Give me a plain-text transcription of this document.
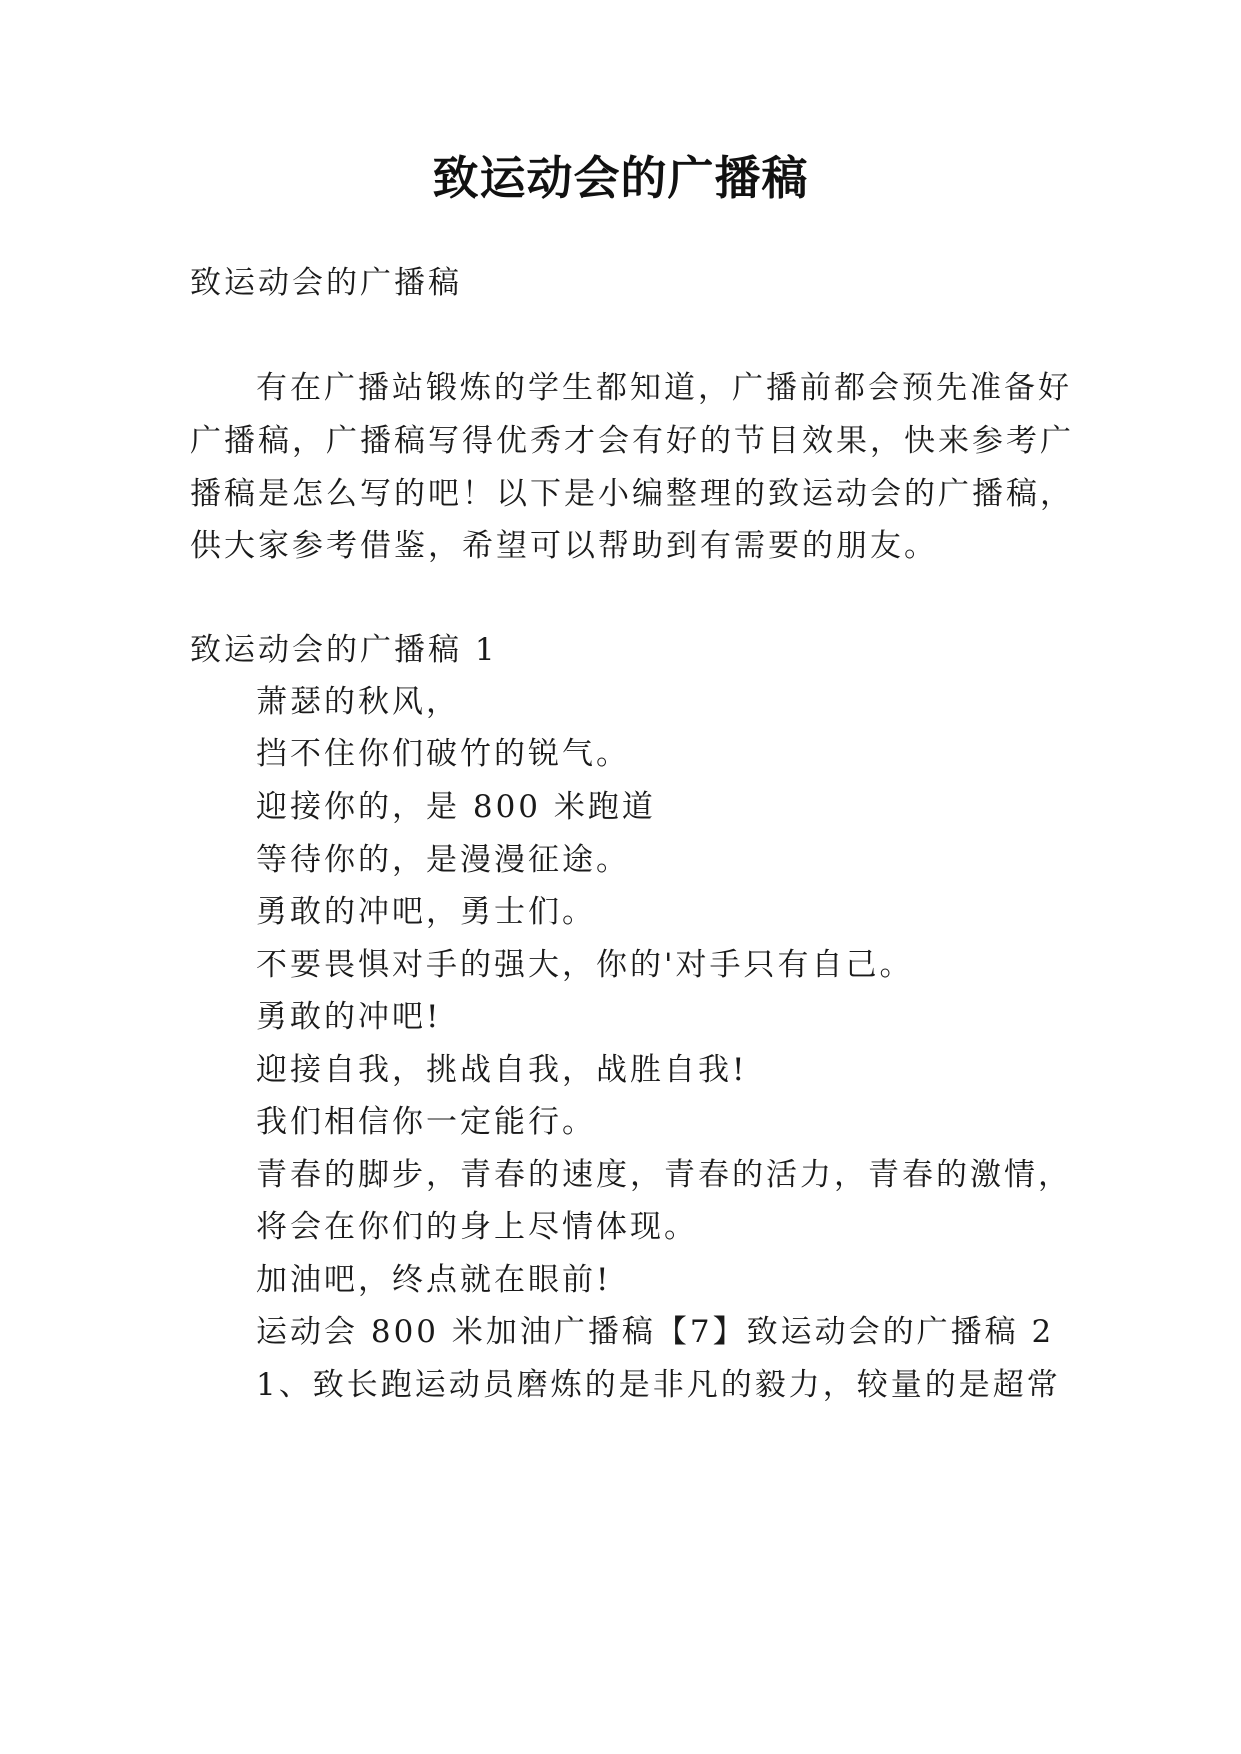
致运动会的广播稿
致运动会的广播稿
有在广播站锻炼的学生都知道，广播前都会预先准备好
广播稿，广播稿写得优秀才会有好的节目效果，快来参考广
播稿是怎么写的吧！以下是小编整理的致运动会的广播稿，
供大家参考借鉴，希望可以帮助到有需要的朋友。
致运动会的广播稿 1
萧瑟的秋风，
挡不住你们破竹的锐气。
迎接你的，是 800 米跑道
等待你的，是漫漫征途。
勇敢的冲吧，勇士们。
不要畏惧对手的强大，你的'对手只有自己。
勇敢的冲吧!
迎接自我，挑战自我，战胜自我!
我们相信你一定能行。
青春的脚步，青春的速度，青春的活力，青春的激情，
将会在你们的身上尽情体现。
加油吧，终点就在眼前!
运动会 800 米加油广播稿【7】致运动会的广播稿 2
1、致长跑运动员磨炼的是非凡的毅力，较量的是超常
